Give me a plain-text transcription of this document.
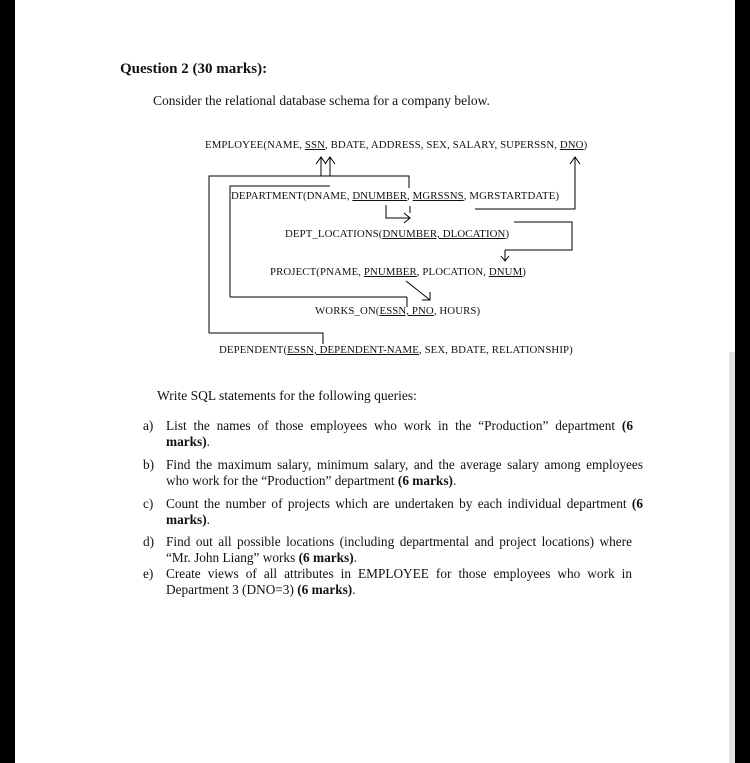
Question 2 (30 marks):
Consider the relational database schema for a company below.
EMPLOYEE(NAME, SSN, BDATE, ADDRESS, SEX, SALARY, SUPERSSN, DNO)
DEPARTMENT(DNAME, DNUMBER, MGRSSNS, MGRSTARTDATE)
DEPT_LOCATIONS(DNUMBER, DLOCATION)
PROJECT(PNAME, PNUMBER, PLOCATION, DNUM)
WORKS_ON(ESSN, PNO, HOURS)
DEPENDENT(ESSN, DEPENDENT-NAME, SEX, BDATE, RELATIONSHIP)
Write SQL statements for the following queries:
a) List the names of those employees who work in the “Production” department (6 marks).
b) Find the maximum salary, minimum salary, and the average salary among employees who work for the “Production” department (6 marks).
c) Count the number of projects which are undertaken by each individual department (6 marks).
d) Find out all possible locations (including departmental and project locations) where “Mr. John Liang” works (6 marks).
e) Create views of all attributes in EMPLOYEE for those employees who work in Department 3 (DNO=3) (6 marks).
